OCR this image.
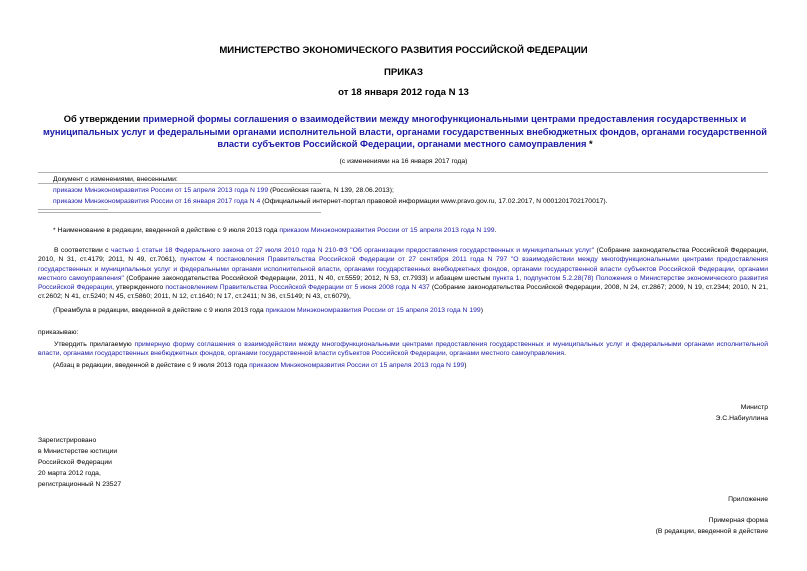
МИНИСТЕРСТВО ЭКОНОМИЧЕСКОГО РАЗВИТИЯ РОССИЙСКОЙ ФЕДЕРАЦИИ
ПРИКАЗ
от 18 января 2012 года N 13
Об утверждении примерной формы соглашения о взаимодействии между многофункциональными центрами предоставления государственных и муниципальных услуг и федеральными органами исполнительной власти, органами государственных внебюджетных фондов, органами государственной власти субъектов Российской Федерации, органами местного самоуправления *
(с изменениями на 16 января 2017 года)
Документ с изменениями, внесенными:
приказом Минэкономразвития России от 15 апреля 2013 года N 199 (Российская газета, N 139, 28.06.2013);
приказом Минэкономразвития России от 16 января 2017 года N 4 (Официальный интернет-портал правовой информации www.pravo.gov.ru, 17.02.2017, N 0001201702170017).
* Наименование в редакции, введенной в действие с 9 июля 2013 года приказом Минэкономразвития России от 15 апреля 2013 года N 199.
В соответствии с частью 1 статьи 18 Федерального закона от 27 июля 2010 года N 210-ФЗ "Об организации предоставления государственных и муниципальных услуг" (Собрание законодательства Российской Федерации, 2010, N 31, ст.4179; 2011, N 49, ст.7061), пунктом 4 постановления Правительства Российской Федерации от 27 сентября 2011 года N 797 "О взаимодействии между многофункциональными центрами предоставления государственных и муниципальных услуг и федеральными органами исполнительной власти, органами государственных внебюджетных фондов, органами государственной власти субъектов Российской Федерации, органами местного самоуправления" (Собрание законодательства Российской Федерации, 2011, N 40, ст.5559; 2012, N 53, ст.7933) и абзацем шестым пункта 1, подпунктом 5.2.28(78) Положения о Министерстве экономического развития Российской Федерации, утвержденного постановлением Правительства Российской Федерации от 5 июня 2008 года N 437 (Собрание законодательства Российской Федерации, 2008, N 24, ст.2867; 2009, N 19, ст.2344; 2010, N 21, ст.2602; N 41, ст.5240; N 45, ст.5860; 2011, N 12, ст.1640; N 17, ст.2411; N 36, ст.5149; N 43, ст.6079),
(Преамбула в редакции, введенной в действие с 9 июля 2013 года приказом Минэкономразвития России от 15 апреля 2013 года N 199)
приказываю:
Утвердить прилагаемую примерную форму соглашения о взаимодействии между многофункциональными центрами предоставления государственных и муниципальных услуг и федеральными органами исполнительной власти, органами государственных внебюджетных фондов, органами государственной власти субъектов Российской Федерации, органами местного самоуправления.
(Абзац в редакции, введенной в действие с 9 июля 2013 года приказом Минэкономразвития России от 15 апреля 2013 года N 199)
Министр
Э.С.Набиуллина
Зарегистрировано
в Министерстве юстиции
Российской Федерации
20 марта 2012 года,
регистрационный N 23527
Приложение
Примерная форма
(В редакции, введенной в действие
